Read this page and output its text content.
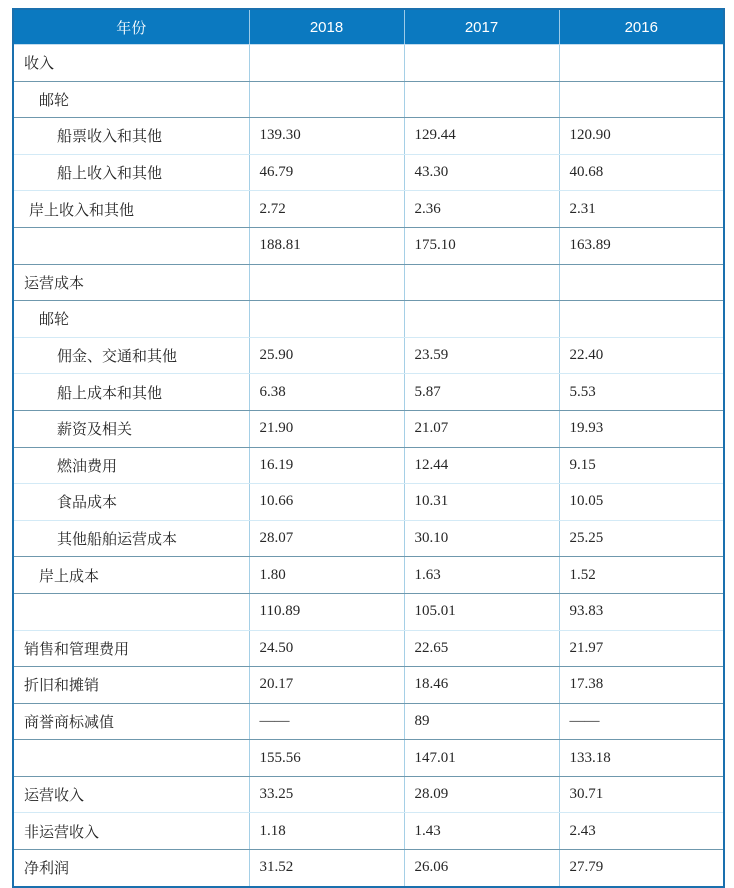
年份	2018	2017	2016
收入			
邮轮			
船票收入和其他	139.30	129.44	120.90
船上收入和其他	46.79	43.30	40.68
岸上收入和其他	2.72	2.36	2.31
	188.81	175.10	163.89
运营成本			
邮轮			
佣金、交通和其他	25.90	23.59	22.40
船上成本和其他	6.38	5.87	5.53
薪资及相关	21.90	21.07	19.93
燃油费用	16.19	12.44	9.15
食品成本	10.66	10.31	10.05
其他船舶运营成本	28.07	30.10	25.25
岸上成本	1.80	1.63	1.52
	110.89	105.01	93.83
销售和管理费用	24.50	22.65	21.97
折旧和摊销	20.17	18.46	17.38
商誉商标减值	——	89	——
	155.56	147.01	133.18
运营收入	33.25	28.09	30.71
非运营收入	1.18	1.43	2.43
净利润	31.52	26.06	27.79
